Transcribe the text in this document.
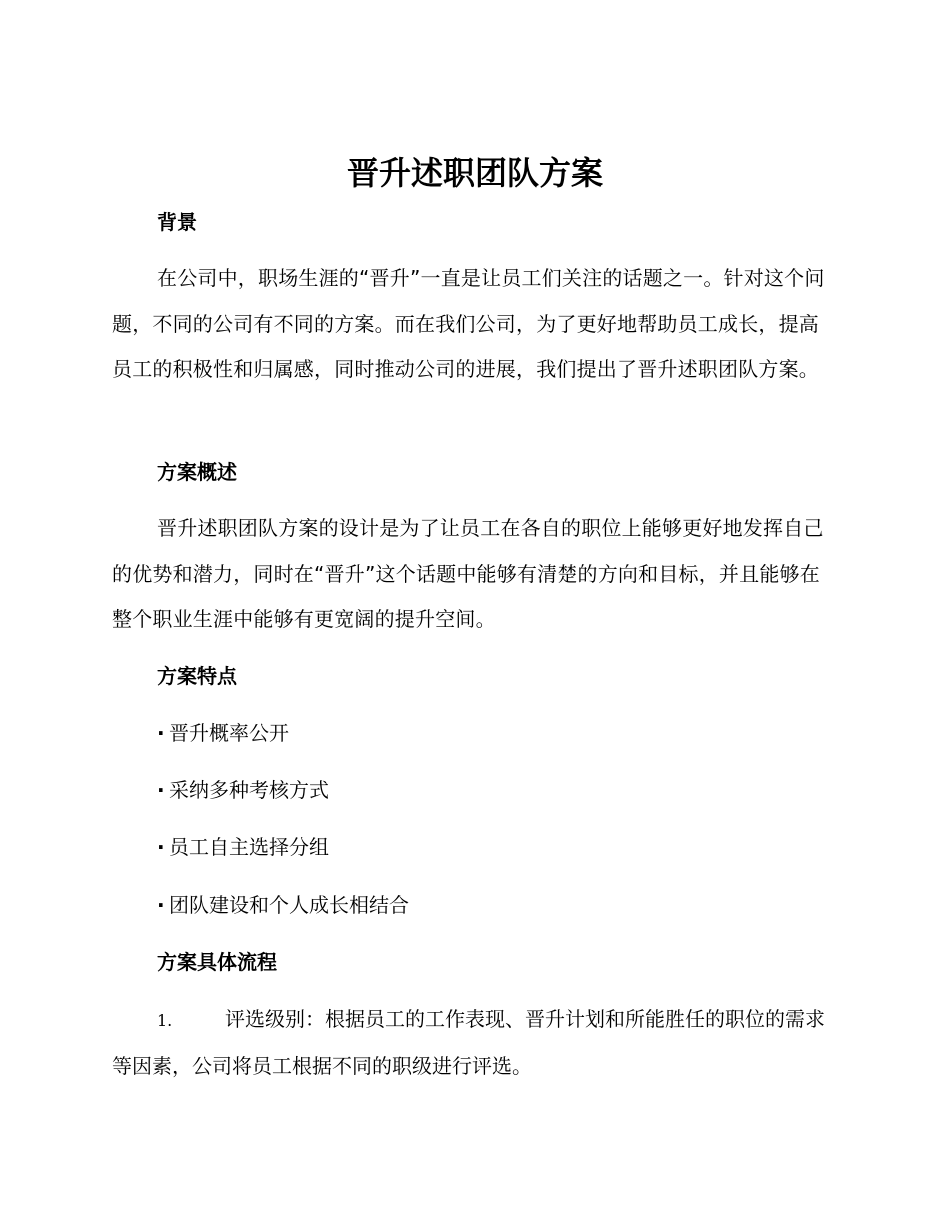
晋升述职团队方案
背景

在公司中，职场生涯的“晋升”一直是让员工们关注的话题之一。针对这个问题，不同的公司有不同的方案。而在我们公司，为了更好地帮助员工成长，提高员工的积极性和归属感，同时推动公司的进展，我们提出了晋升述职团队方案。

方案概述

晋升述职团队方案的设计是为了让员工在各自的职位上能够更好地发挥自己的优势和潜力，同时在“晋升”这个话题中能够有清楚的方向和目标，并且能够在整个职业生涯中能够有更宽阔的提升空间。

方案特点
· 晋升概率公开
· 采纳多种考核方式
· 员工自主选择分组
· 团队建设和个人成长相结合
方案具体流程

1.	评选级别：根据员工的工作表现、晋升计划和所能胜任的职位的需求等因素，公司将员工根据不同的职级进行评选。
